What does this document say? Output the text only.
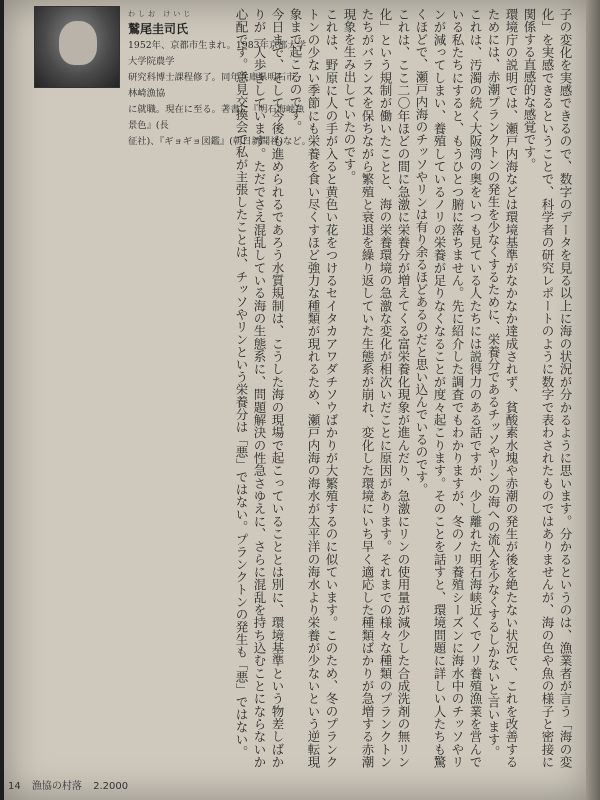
わしお けいじ
鷲尾圭司氏
1952年、京都市生まれ。1983年京都大学大学院農学
研究科博士課程修了。同年兵庫県明石市・林崎漁協
に就職。現在に至る。著書に『明石海峡魚景色』(長
征社)、『ギョギョ図鑑』(朝日新聞社)など。	子の変化を実感できるので、数字のデータを見る以上に海の状況が分かるように思います。分かるというのは、漁業者が言う「海の変化」を実感できるということで、科学者の研究レポートのように数字で表わされたものではありませんが、海の色や魚の様子と密接に関係する直感的な感覚です。

環境庁の説明では、瀬戸内海などは環境基準がなかなか達成されず、貧酸素水塊や赤潮の発生が後を絶たない状況で、これを改善するためには、赤潮プランクトンの発生を少なくするために、栄養分であるチッソやリンの海への流入を少なくするしかないと言います。

これは、汚濁の続く大阪湾の奥をいつも見ている人たちには説得力のある話ですが、少し離れた明石海峡近くでノリ養殖漁業を営んでいる私たちにすると、もうひとつ腑に落ちません。先に紹介した調査でもわかりますが、冬のノリ養殖シーズンに海水中のチッソやリンが減ってしまい、養殖しているノリの栄養が足りなくなることが度々起こります。そのことを話すと、環境問題に詳しい人たちも驚くほどで、瀬戸内海のチッソやリンは有り余るほどあるのだと思い込んでいるのです。

これは、ここ二〇年ほどの間に急激に栄養分が増えてくる富栄養化現象が進んだり、急激にリンの使用量が減少した合成洗剤の無リン化」という規制が働いたことと、海の栄養環境の急激な変化が相次いだことに原因があります。それまでの様々な種類のプランクトンたちがバランスを保ちながら繁殖と衰退を繰り返していた生態系が崩れ、変化した環境にいち早く適応した種類ばかりが急増する赤潮現象を生み出していたのです。

これは、野原に人の手が入ると黄色い花をつけるセイタカアワダチソウばかりが大繁殖するのに似ています。このため、冬のプランクトンの少ない季節にも栄養を食い尽くすほど強力な種類が現れるため、瀬戸内海の海水が太平洋の海水より栄養が少ないという逆転現象まで起こるのです。

今日まで、そして今後も進められるであろう水質規制は、こうした海の現場で起こっていることとは別に、環境基準という物差しばかりが一人歩きしています。ただでさえ混乱している海の生態系に、問題解決の性急さゆえに、さらに混乱を持ち込むことにならないか心配です。意見交換会で私が主張したことは、チッソやリンという栄養分は「悪」ではない。プランクトンの発生も「悪」ではない。

14 漁協の村落 2.2000
